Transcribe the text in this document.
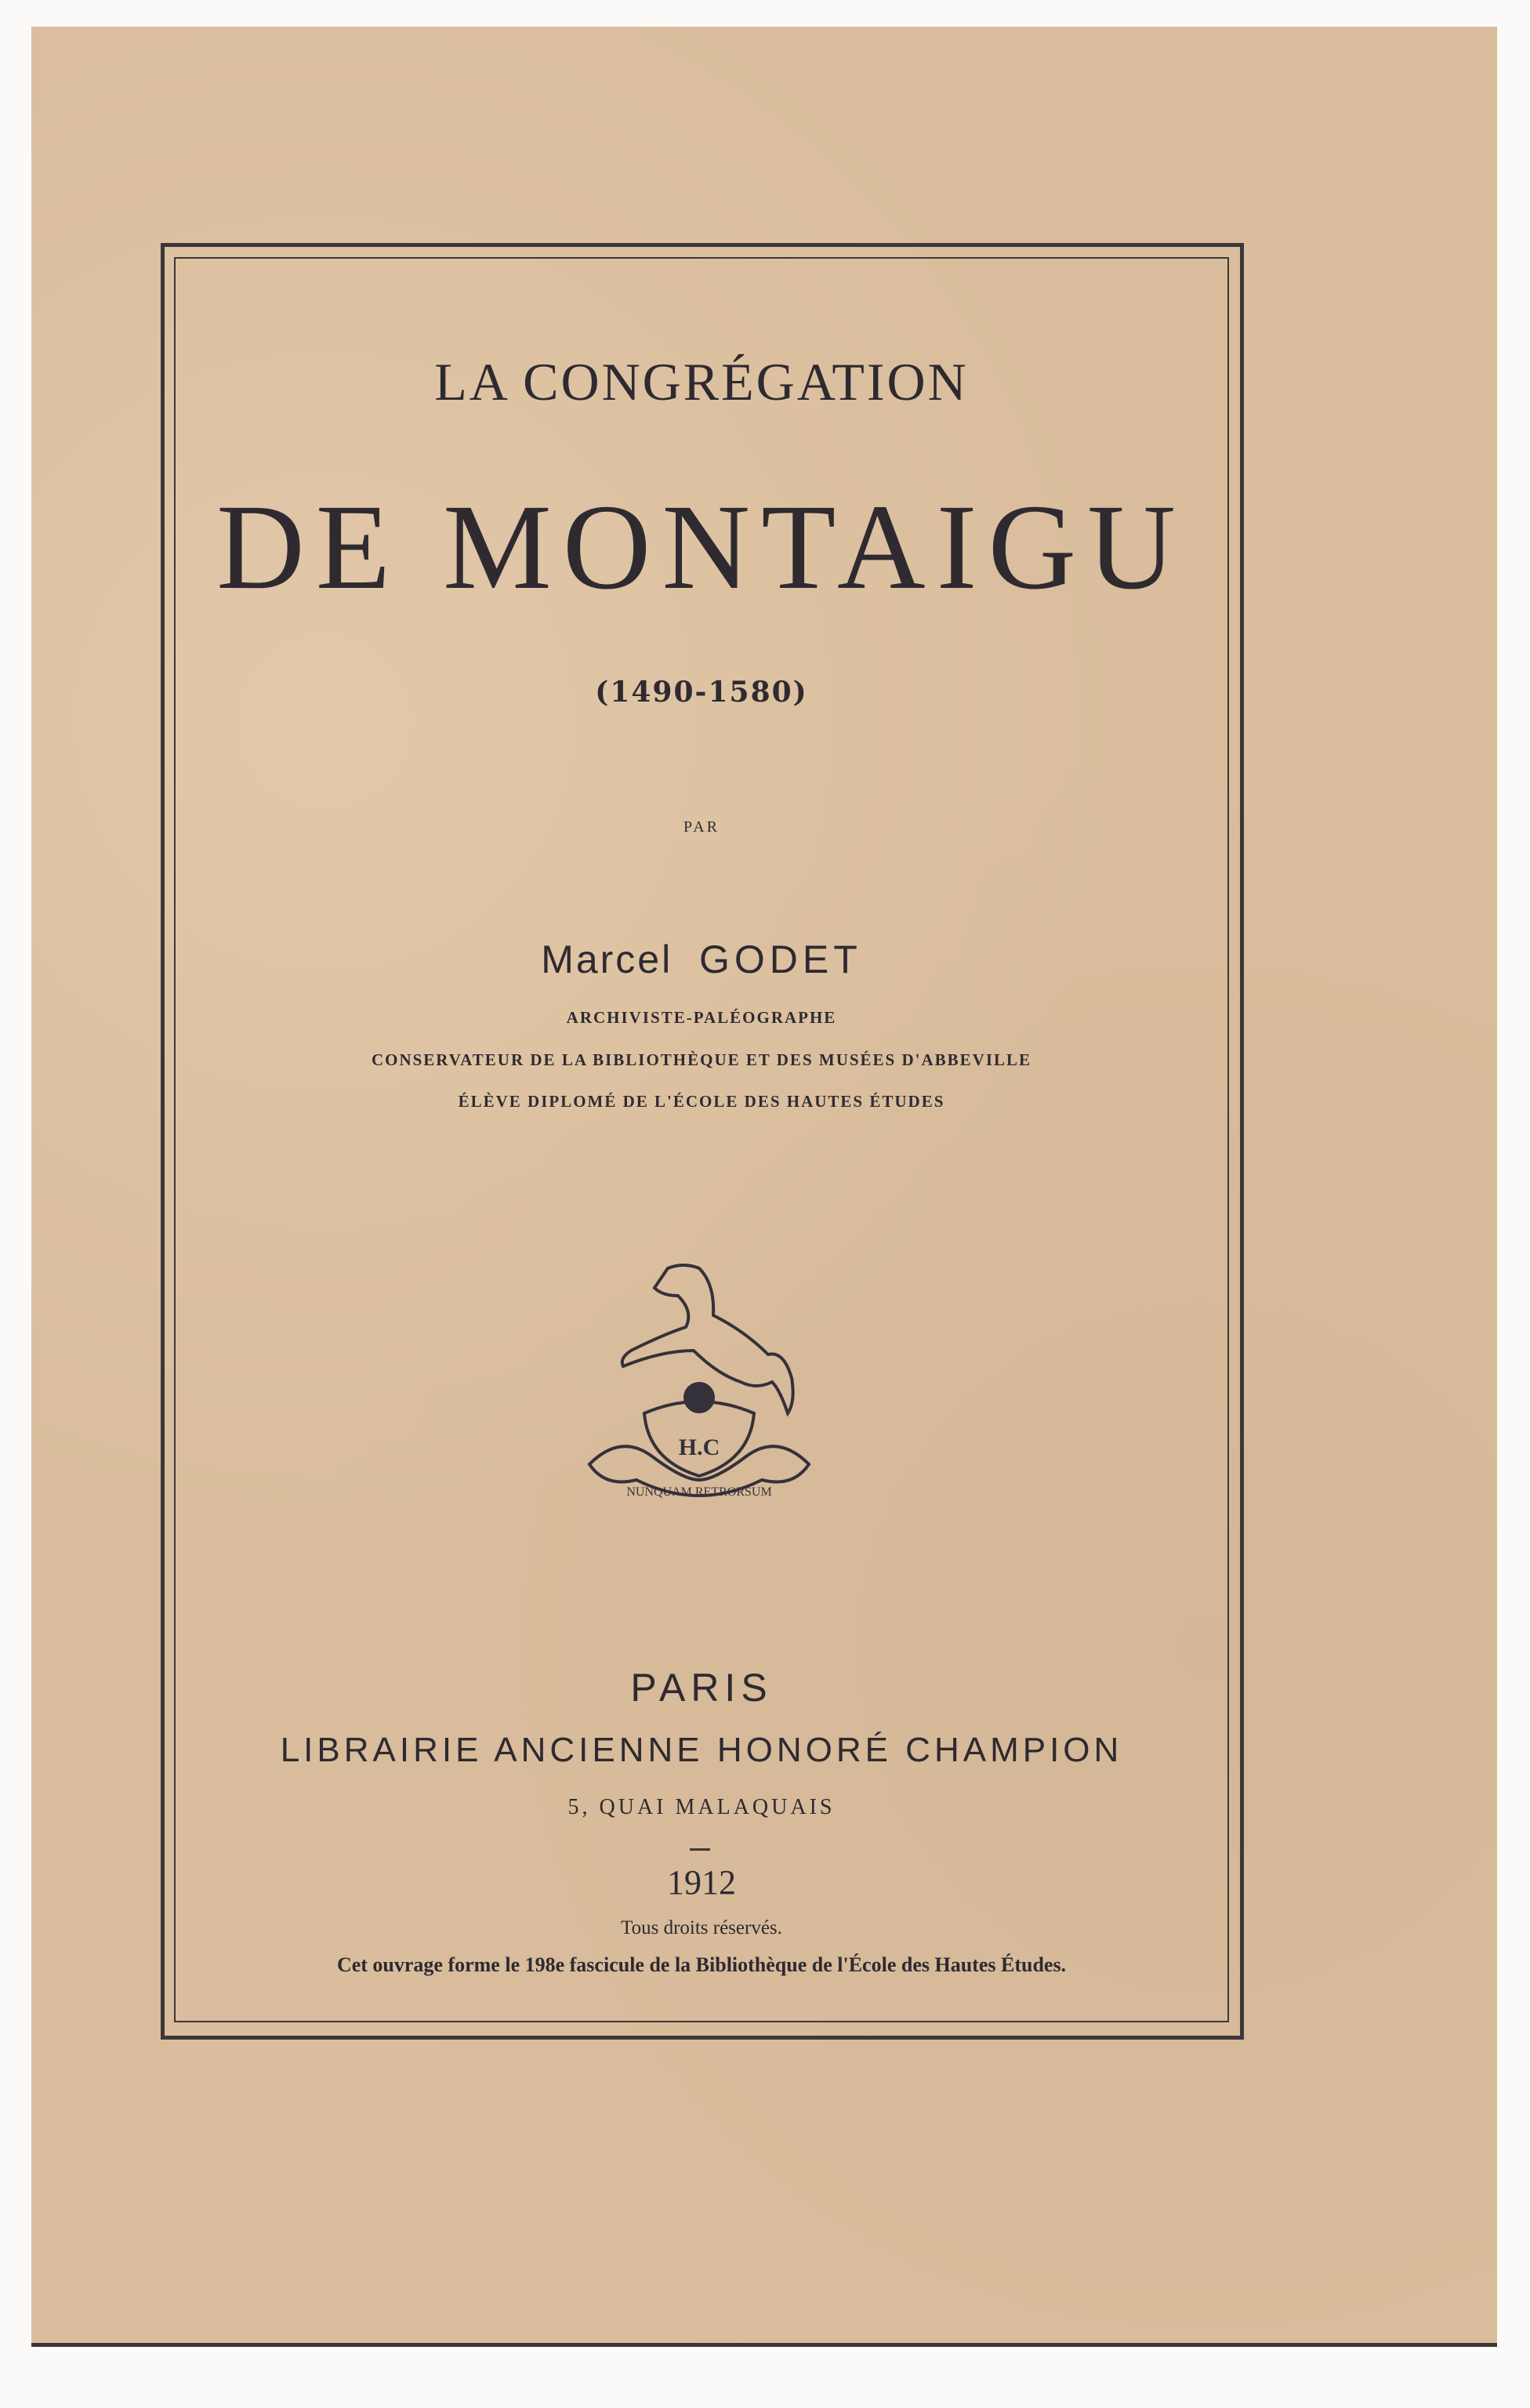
LA CONGRÉGATION
DE MONTAIGU
(1490-1580)
PAR
Marcel GODET
ARCHIVISTE-PALÉOGRAPHE
CONSERVATEUR DE LA BIBLIOTHÈQUE ET DES MUSÉES D'ABBEVILLE
ÉLÈVE DIPLOMÉ DE L'ÉCOLE DES HAUTES ÉTUDES
H.C
NUNQUAM RETRORSUM
PARIS
LIBRAIRIE ANCIENNE HONORÉ CHAMPION
5, QUAI MALAQUAIS
1912
Tous droits réservés.
Cet ouvrage forme le 198e fascicule de la Bibliothèque de l'École des Hautes Études.
